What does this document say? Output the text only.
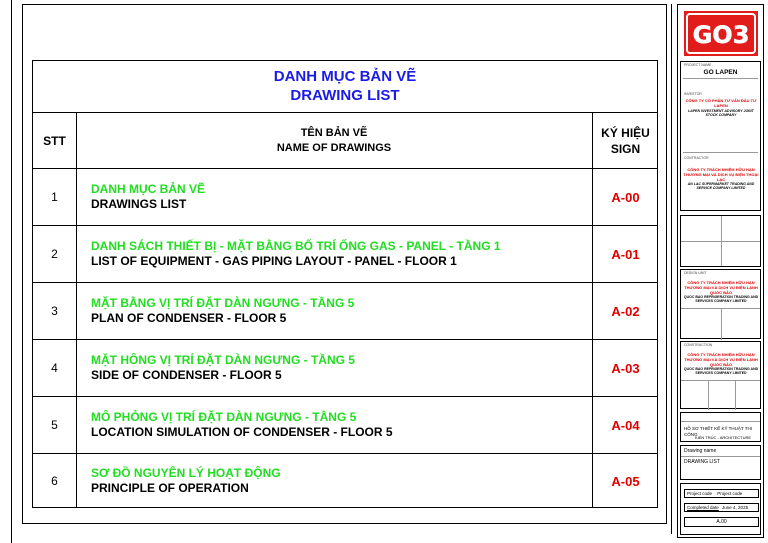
DANH MỤC BẢN VẼ
DRAWING LIST
STT
TÊN BẢN VẼ
NAME OF DRAWINGS
KÝ HIỆU
SIGN
1
DANH MỤC BẢN VẼ
DRAWINGS LIST	A-00
2
DANH SÁCH THIẾT BỊ - MẶT BẰNG BỐ TRÍ ỐNG GAS - PANEL - TẦNG 1
LIST OF EQUIPMENT - GAS PIPING LAYOUT - PANEL - FLOOR 1	A-01
3
MẶT BẰNG VỊ TRÍ ĐẶT DÀN NGƯNG - TẦNG 5
PLAN OF CONDENSER - FLOOR 5	A-02
4
MẶT HÔNG VỊ TRÍ ĐẶT DÀN NGƯNG - TẦNG 5
SIDE OF CONDENSER - FLOOR 5	A-03
5
MÔ PHỎNG VỊ TRÍ ĐẶT DÀN NGƯNG - TẦNG 5
LOCATION SIMULATION OF CONDENSER - FLOOR 5	A-04
6
SƠ ĐỒ NGUYÊN LÝ HOẠT ĐỘNG
PRINCIPLE OF OPERATION	A-05
GO3
PROJECT NAME
GO LAPEN
INVESTOR
CÔNG TY CỔ PHẦN TƯ VẤN ĐẦU TƯ LAPEN
LAPEN INVESTMENT ADVISORY JOINT STOCK COMPANY
CONTRACTOR
CÔNG TY TRÁCH NHIỆM HỮU HẠN THƯƠNG MẠI VÀ DỊCH VỤ ĐIỆN THOẠI LẠC
AN LAC SUPERMARKET TRADING AND SERVICE COMPANY LIMITED
DESIGN UNIT
CÔNG TY TRÁCH NHIỆM HỮU HẠN THƯƠNG MẠI VÀ DỊCH VỤ ĐIỆN LẠNH QUỐC BẢO
QUOC BAO REFRIGERATION TRADING AND SERVICES COMPANY LIMITED
CONSTRUCTION
CÔNG TY TRÁCH NHIỆM HỮU HẠN THƯƠNG MẠI VÀ DỊCH VỤ ĐIỆN LẠNH QUỐC BẢO
QUOC BAO REFRIGERATION TRADING AND SERVICES COMPANY LIMITED
HỒ SƠ THIẾT KẾ KỸ THUẬT THI CÔNG
KIẾN TRÚC - ARCHITECTURE
Drawing name
DRAWING LIST
Project code Project code
Completed date June 4, 2025
A.00
